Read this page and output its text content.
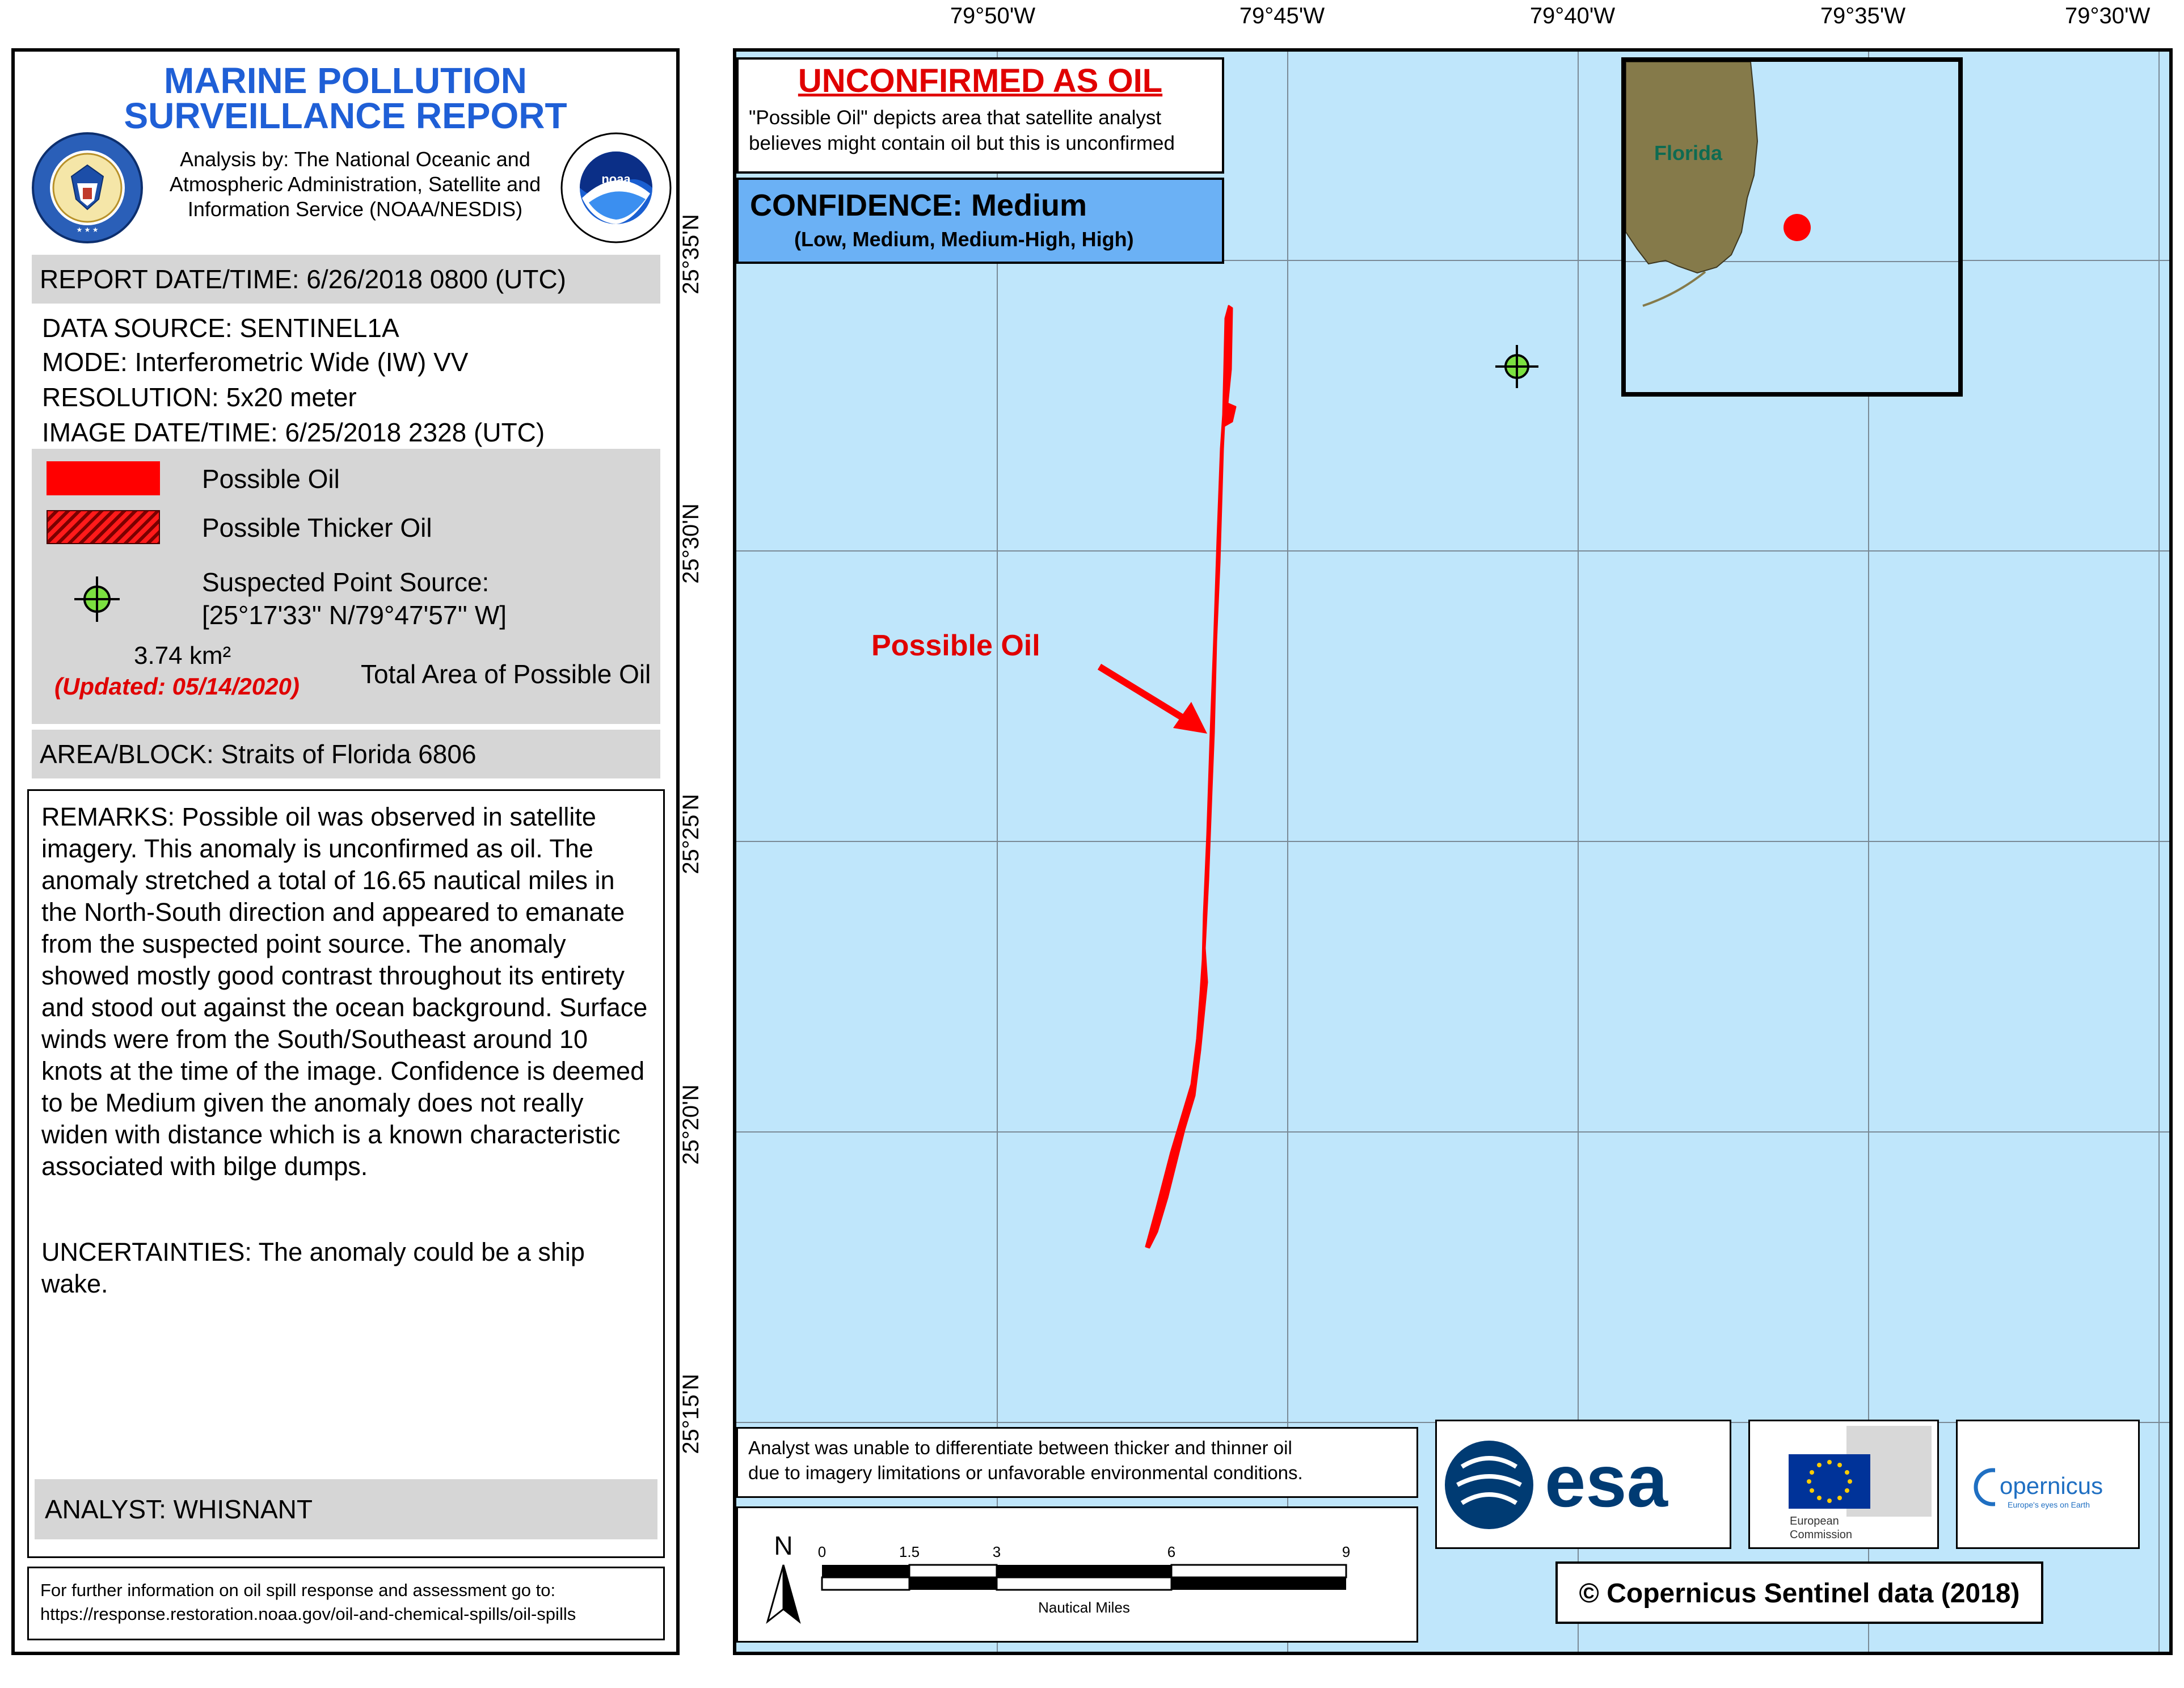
MARINE POLLUTION
SURVEILLANCE REPORT
★ ★ ★
Analysis by: The National Oceanic and
Atmospheric Administration, Satellite and
Information Service (NOAA/NESDIS)
noaa
REPORT DATE/TIME: 6/26/2018 0800 (UTC)
DATA SOURCE: SENTINEL1A
MODE: Interferometric Wide (IW) VV
RESOLUTION: 5x20 meter
IMAGE DATE/TIME: 6/25/2018 2328 (UTC)
Possible Oil
Possible Thicker Oil
Suspected Point Source:
[25°17'33'' N/79°47'57'' W]
3.74 km²
(Updated: 05/14/2020) Total Area of Possible Oil
AREA/BLOCK: Straits of Florida 6806
REMARKS: Possible oil was observed in satellite imagery. This anomaly is unconfirmed as oil. The anomaly stretched a total of 16.65 nautical miles in the North-South direction and appeared to emanate from the suspected point source. The anomaly showed mostly good contrast throughout its entirety and stood out against the ocean background. Surface winds were from the South/Southeast around 10 knots at the time of the image. Confidence is deemed to be Medium given the anomaly does not really widen with distance which is a known characteristic associated with bilge dumps.
UNCERTAINTIES: The anomaly could be a ship wake.
ANALYST: WHISNANT
For further information on oil spill response and assessment go to:
https://response.restoration.noaa.gov/oil-and-chemical-spills/oil-spills
79°50'W	79°45'W	79°40'W	79°35'W	79°30'W
25°35'N
25°30'N
25°25'N
25°20'N
25°15'N
UNCONFIRMED AS OIL
"Possible Oil" depicts area that satellite analyst
believes might contain oil but this is unconfirmed
CONFIDENCE: Medium
(Low, Medium, Medium-High, High)
Florida
Possible Oil
Analyst was unable to differentiate between thicker and thinner oil
due to imagery limitations or unfavorable environmental conditions.
N 0	1.5	3	6	9
Nautical Miles
esa	European
Commission
opernicus
Europe's eyes on Earth
© Copernicus Sentinel data (2018)
